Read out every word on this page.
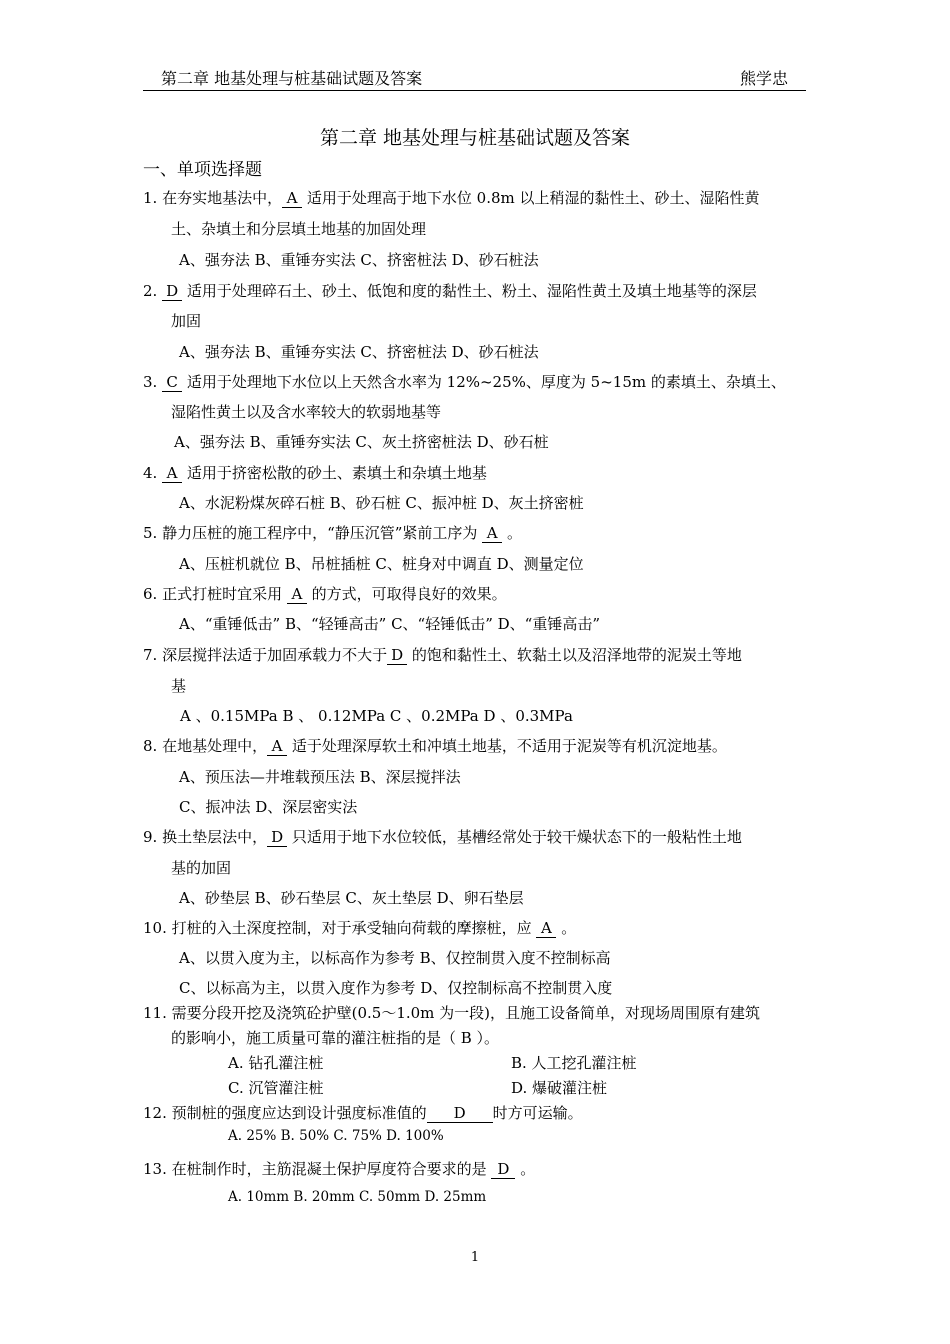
第二章 地基处理与桩基础试题及答案	熊学忠
第二章 地基处理与桩基础试题及答案
一、单项选择题
1. 在夯实地基法中， A 适用于处理高于地下水位 0.8m 以上稍湿的黏性土、砂土、湿陷性黄
土、杂填土和分层填土地基的加固处理
A、强夯法 B、重锤夯实法 C、挤密桩法 D、砂石桩法
2. D 适用于处理碎石土、砂土、低饱和度的黏性土、粉土、湿陷性黄土及填土地基等的深层
加固
A、强夯法 B、重锤夯实法 C、挤密桩法 D、砂石桩法
3. C 适用于处理地下水位以上天然含水率为 12%~25%、厚度为 5~15m 的素填土、杂填土、
湿陷性黄土以及含水率较大的软弱地基等
A、强夯法 B、重锤夯实法 C、灰土挤密桩法 D、砂石桩
4. A 适用于挤密松散的砂土、素填土和杂填土地基
A、水泥粉煤灰碎石桩 B、砂石桩 C、振冲桩 D、灰土挤密桩
5. 静力压桩的施工程序中，“静压沉管”紧前工序为 A 。
A、压桩机就位 B、吊桩插桩 C、桩身对中调直 D、测量定位
6. 正式打桩时宜采用 A 的方式，可取得良好的效果。
A、“重锤低击” B、“轻锤高击” C、“轻锤低击” D、“重锤高击”
7. 深层搅拌法适于加固承载力不大于 D 的饱和黏性土、软黏土以及沼泽地带的泥炭土等地
基
A 、0.15MPa B 、 0.12MPa C 、0.2MPa D 、0.3MPa
8. 在地基处理中， A 适于处理深厚软土和冲填土地基，不适用于泥炭等有机沉淀地基。
A、预压法—井堆载预压法 B、深层搅拌法
C、振冲法 D、深层密实法
9. 换土垫层法中， D 只适用于地下水位较低，基槽经常处于较干燥状态下的一般粘性土地
基的加固
A、砂垫层 B、砂石垫层 C、灰土垫层 D、卵石垫层
10. 打桩的入土深度控制，对于承受轴向荷载的摩擦桩，应 A 。
A、以贯入度为主，以标高作为参考 B、仅控制贯入度不控制标高
C、以标高为主，以贯入度作为参考 D、仅控制标高不控制贯入度
11. 需要分段开挖及浇筑砼护壁(0.5～1.0m 为一段)，且施工设备简单，对现场周围原有建筑
的影响小，施工质量可靠的灌注桩指的是（ B ）。
A. 钻孔灌注桩	B. 人工挖孔灌注桩
C. 沉管灌注桩	D. 爆破灌注桩
12. 预制桩的强度应达到设计强度标准值的 D 时方可运输。
A. 25% B. 50% C. 75% D. 100%
13. 在桩制作时，主筋混凝土保护厚度符合要求的是 D 。
A. 10mm B. 20mm C. 50mm D. 25mm
1
